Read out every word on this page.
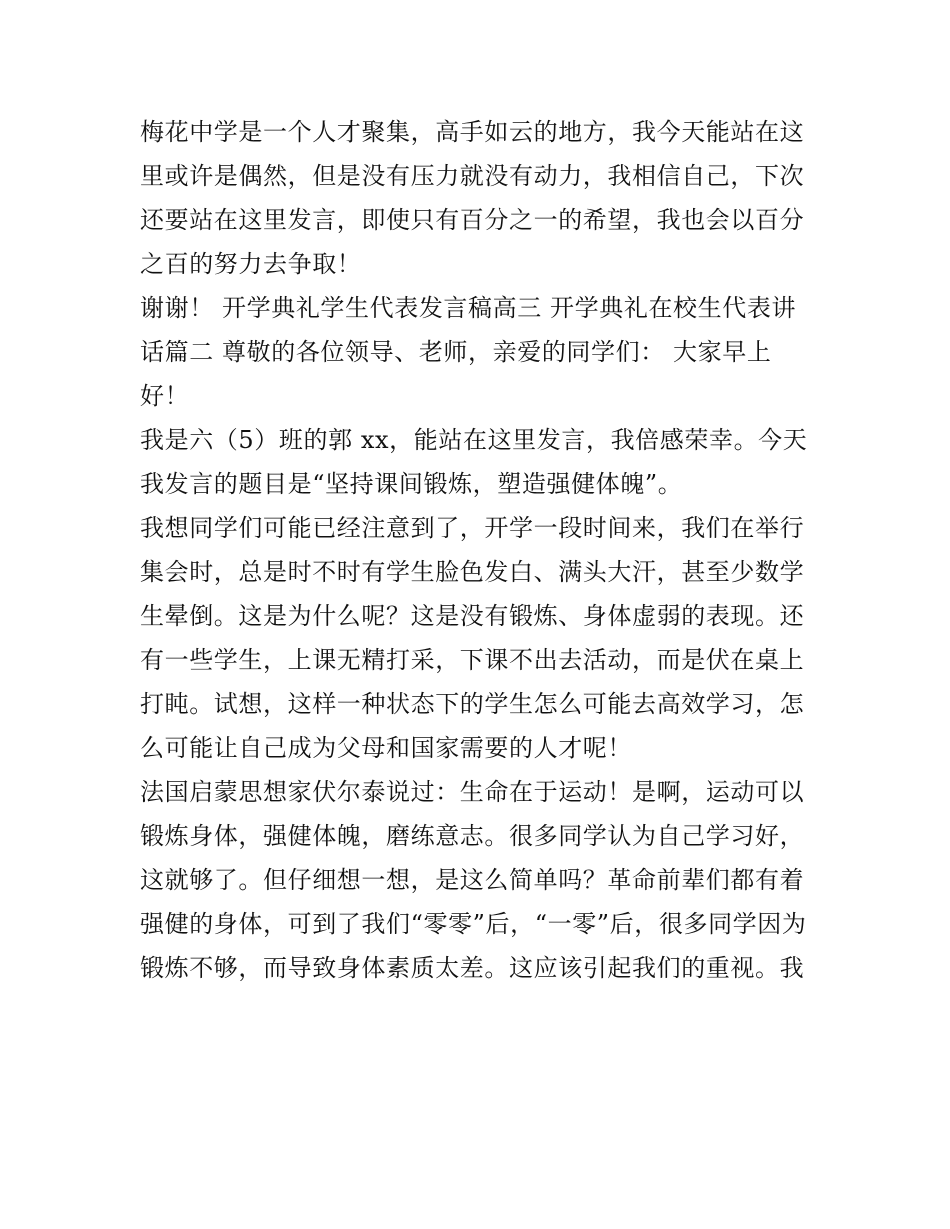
梅花中学是一个人才聚集，高手如云的地方，我今天能站在这
里或许是偶然，但是没有压力就没有动力，我相信自己，下次
还要站在这里发言，即使只有百分之一的希望，我也会以百分
之百的努力去争取！
谢谢！ 开学典礼学生代表发言稿高三 开学典礼在校生代表讲
话篇二 尊敬的各位领导、老师，亲爱的同学们： 大家早上
好！
我是六（5）班的郭 xx，能站在这里发言，我倍感荣幸。今天
我发言的题目是“坚持课间锻炼，塑造强健体魄”。
我想同学们可能已经注意到了，开学一段时间来，我们在举行
集会时，总是时不时有学生脸色发白、满头大汗，甚至少数学
生晕倒。这是为什么呢？这是没有锻炼、身体虚弱的表现。还
有一些学生，上课无精打采，下课不出去活动，而是伏在桌上
打盹。试想，这样一种状态下的学生怎么可能去高效学习，怎
么可能让自己成为父母和国家需要的人才呢！
法国启蒙思想家伏尔泰说过：生命在于运动！是啊，运动可以
锻炼身体，强健体魄，磨练意志。很多同学认为自己学习好，
这就够了。但仔细想一想，是这么简单吗？革命前辈们都有着
强健的身体，可到了我们“零零”后，“一零”后，很多同学因为
锻炼不够，而导致身体素质太差。这应该引起我们的重视。我
